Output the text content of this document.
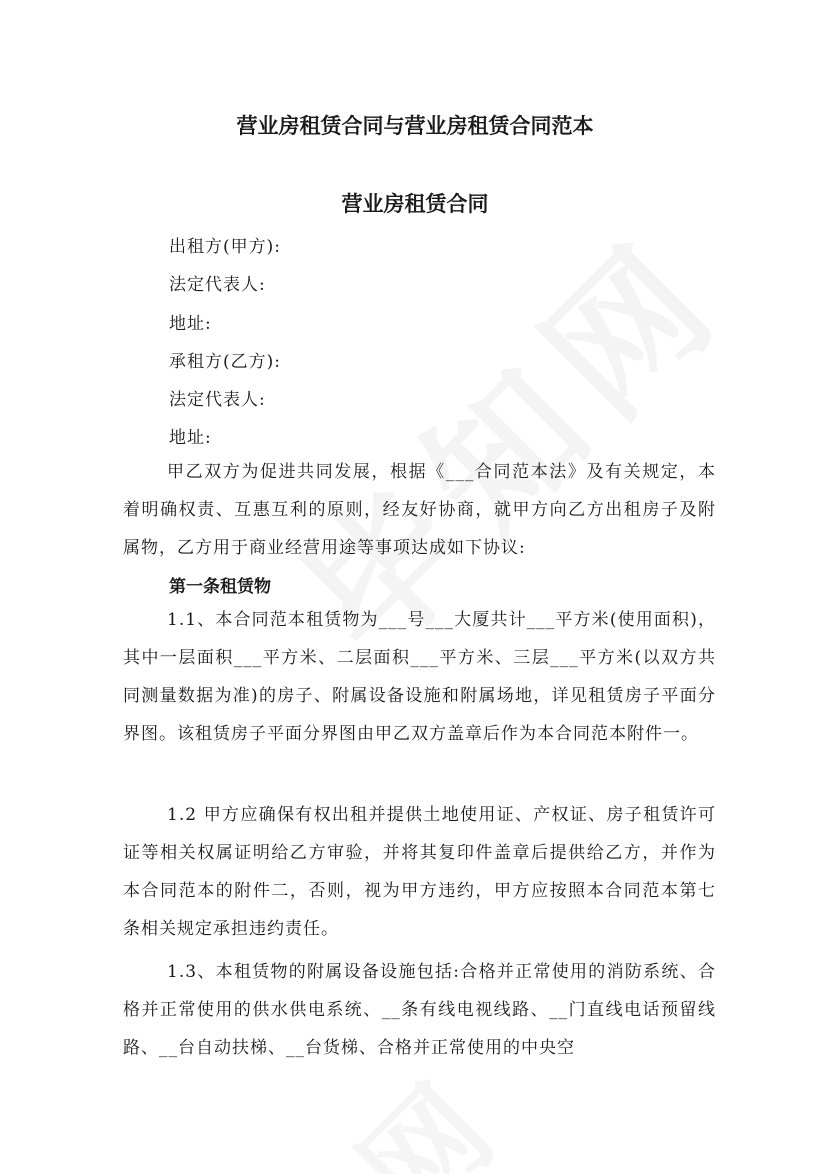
营业房租赁合同与营业房租赁合同范本
营业房租赁合同

出租方(甲方):

法定代表人:

地址:

承租方(乙方):

法定代表人:

地址:

甲乙双方为促进共同发展，根据《___合同范本法》及有关规定，本着明确权责、互惠互利的原则，经友好协商，就甲方向乙方出租房子及附属物，乙方用于商业经营用途等事项达成如下协议:

第一条租赁物

1.1、本合同范本租赁物为___号___大厦共计___平方米(使用面积)，其中一层面积___平方米、二层面积___平方米、三层___平方米(以双方共同测量数据为准)的房子、附属设备设施和附属场地，详见租赁房子平面分界图。该租赁房子平面分界图由甲乙双方盖章后作为本合同范本附件一。

1.2 甲方应确保有权出租并提供土地使用证、产权证、房子租赁许可证等相关权属证明给乙方审验，并将其复印件盖章后提供给乙方，并作为本合同范本的附件二，否则，视为甲方违约，甲方应按照本合同范本第七条相关规定承担违约责任。

1.3、本租赁物的附属设备设施包括:合格并正常使用的消防系统、合格并正常使用的供水供电系统、__条有线电视线路、__门直线电话预留线路、__台自动扶梯、__台货梯、合格并正常使用的中央空
